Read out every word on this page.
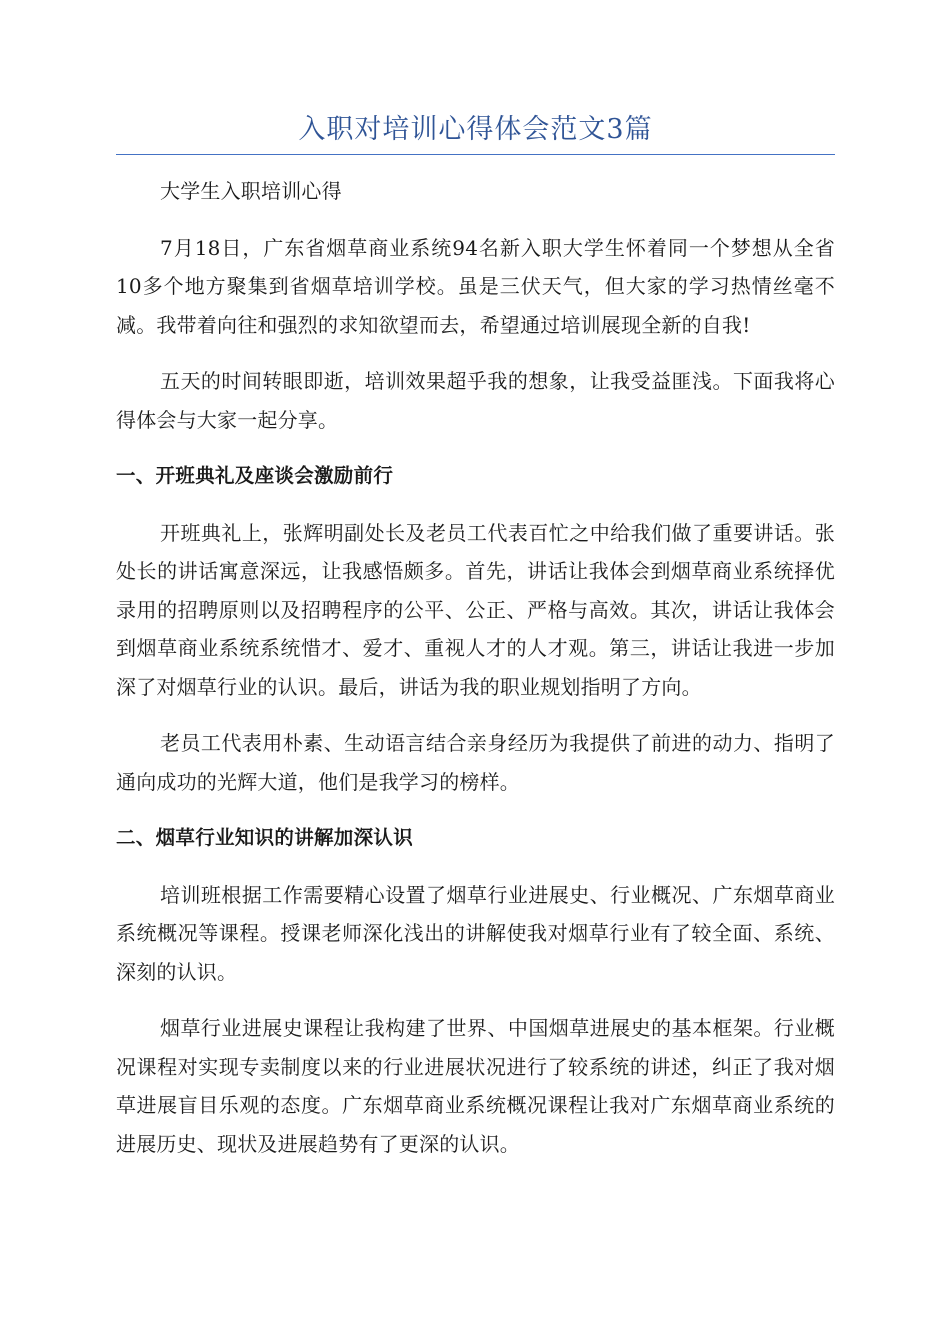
入职对培训心得体会范文3篇

大学生入职培训心得

7月18日，广东省烟草商业系统94名新入职大学生怀着同一个梦想从全省10多个地方聚集到省烟草培训学校。虽是三伏天气，但大家的学习热情丝毫不减。我带着向往和强烈的求知欲望而去，希望通过培训展现全新的自我!

五天的时间转眼即逝，培训效果超乎我的想象，让我受益匪浅。下面我将心得体会与大家一起分享。

一、开班典礼及座谈会激励前行

开班典礼上，张辉明副处长及老员工代表百忙之中给我们做了重要讲话。张处长的讲话寓意深远，让我感悟颇多。首先，讲话让我体会到烟草商业系统择优录用的招聘原则以及招聘程序的公平、公正、严格与高效。其次，讲话让我体会到烟草商业系统系统惜才、爱才、重视人才的人才观。第三，讲话让我进一步加深了对烟草行业的认识。最后，讲话为我的职业规划指明了方向。

老员工代表用朴素、生动语言结合亲身经历为我提供了前进的动力、指明了通向成功的光辉大道，他们是我学习的榜样。

二、烟草行业知识的讲解加深认识

培训班根据工作需要精心设置了烟草行业进展史、行业概况、广东烟草商业系统概况等课程。授课老师深化浅出的讲解使我对烟草行业有了较全面、系统、深刻的认识。

烟草行业进展史课程让我构建了世界、中国烟草进展史的基本框架。行业概况课程对实现专卖制度以来的行业进展状况进行了较系统的讲述，纠正了我对烟草进展盲目乐观的态度。广东烟草商业系统概况课程让我对广东烟草商业系统的进展历史、现状及进展趋势有了更深的认识。
